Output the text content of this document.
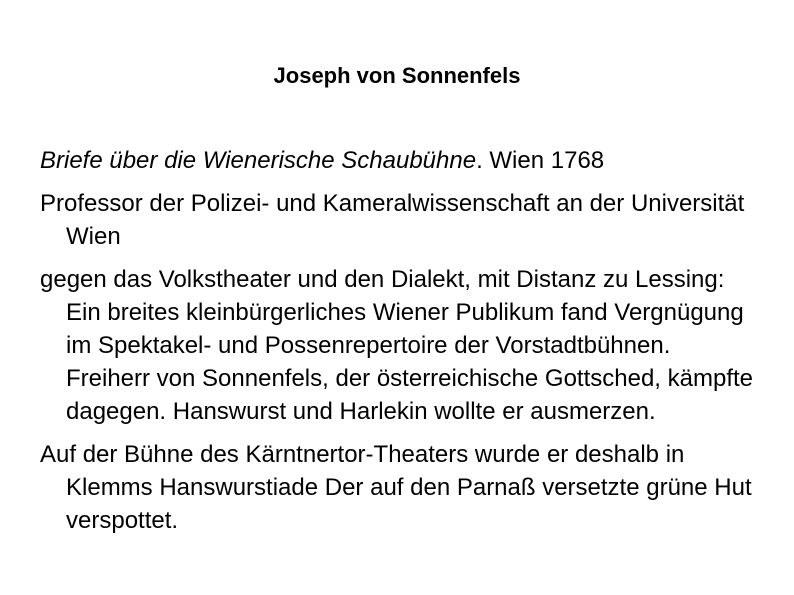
Joseph von Sonnenfels

Briefe über die Wienerische Schaubühne. Wien 1768

Professor der Polizei- und Kameralwissenschaft an der Universität Wien

gegen das Volkstheater und den Dialekt, mit Distanz zu Lessing: Ein breites kleinbürgerliches Wiener Publikum fand Vergnügung im Spektakel- und Possenrepertoire der Vorstadtbühnen. Freiherr von Sonnenfels, der österreichische Gottsched, kämpfte dagegen. Hanswurst und Harlekin wollte er ausmerzen.

Auf der Bühne des Kärntnertor-Theaters wurde er deshalb in Klemms Hanswurstiade Der auf den Parnaß versetzte grüne Hut verspottet.
